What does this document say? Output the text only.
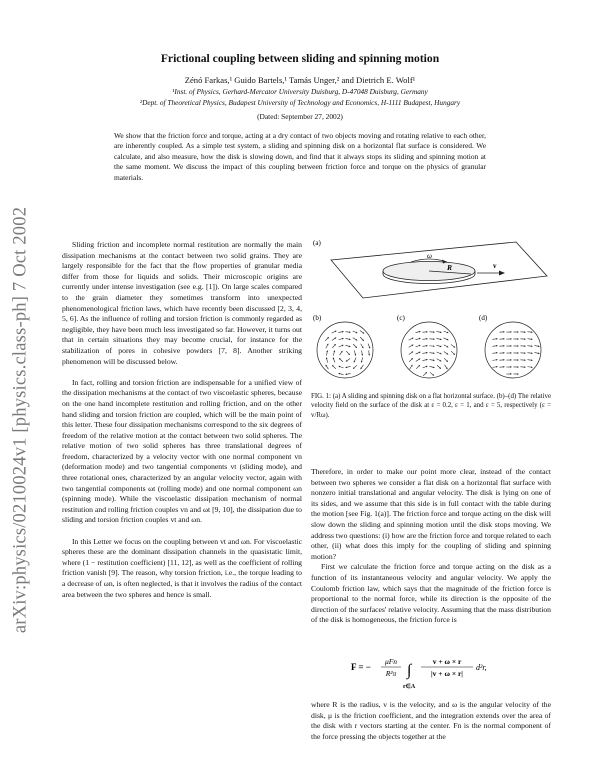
arXiv:physics/0210024v1 [physics.class-ph] 7 Oct 2002
Frictional coupling between sliding and spinning motion
Zénó Farkas,¹ Guido Bartels,¹ Tamás Unger,² and Dietrich E. Wolf¹
¹Inst. of Physics, Gerhard-Mercator University Duisburg, D-47048 Duisburg, Germany
²Dept. of Theoretical Physics, Budapest University of Technology and Economics, H-1111 Budapest, Hungary
(Dated: September 27, 2002)
We show that the friction force and torque, acting at a dry contact of two objects moving and rotating relative to each other, are inherently coupled. As a simple test system, a sliding and spinning disk on a horizontal flat surface is considered. We calculate, and also measure, how the disk is slowing down, and find that it always stops its sliding and spinning motion at the same moment. We discuss the impact of this coupling between friction force and torque on the physics of granular materials.

Sliding friction and incomplete normal restitution are normally the main dissipation mechanisms at the contact between two solid grains. They are largely responsible for the fact that the flow properties of granular media differ from those for liquids and solids. Their microscopic origins are currently under intense investigation (see e.g. [1]). On large scales compared to the grain diameter they sometimes transform into unexpected phenomenological friction laws, which have recently been discussed [2, 3, 4, 5, 6]. As the influence of rolling and torsion friction is commonly regarded as negligible, they have been much less investigated so far. However, it turns out that in certain situations they may become crucial, for instance for the stabilization of pores in cohesive powders [7, 8]. Another striking phenomenon will be discussed below.

In fact, rolling and torsion friction are indispensable for a unified view of the dissipation mechanisms at the contact of two viscoelastic spheres, because on the one hand incomplete restitution and rolling friction, and on the other hand sliding and torsion friction are coupled, which will be the main point of this letter. These four dissipation mechanisms correspond to the six degrees of freedom of the relative motion at the contact between two solid spheres. The relative motion of two solid spheres has three translational degrees of freedom, characterized by a velocity vector with one normal component vn (deformation mode) and two tangential components vt (sliding mode), and three rotational ones, characterized by an angular velocity vector, again with two tangential components ωt (rolling mode) and one normal component ωn (spinning mode). While the viscoelastic dissipation mechanism of normal restitution and rolling friction couples vn and ωt [9, 10], the dissipation due to sliding and torsion friction couples vt and ωn.

In this Letter we focus on the coupling between vt and ωn. For viscoelastic spheres these are the dominant dissipation channels in the quasistatic limit, where (1 − restitution coefficient) [11, 12], as well as the coefficient of rolling friction vanish [9]. The reason, why torsion friction, i.e., the torque leading to a decrease of ωn, is often neglected, is that it involves the radius of the contact area between the two spheres and hence is small.

(a)
ω
R	v
(b)	(c)	(d)
FIG. 1: (a) A sliding and spinning disk on a flat horizontal surface. (b)–(d) The relative velocity field on the surface of the disk at ε = 0.2, ε = 1, and ε = 5, respectively (ε = v/Rω).

Therefore, in order to make our point more clear, instead of the contact between two spheres we consider a flat disk on a horizontal flat surface with nonzero initial translational and angular velocity. The disk is lying on one of its sides, and we assume that this side is in full contact with the table during the motion [see Fig. 1(a)]. The friction force and torque acting on the disk will slow down the sliding and spinning motion until the disk stops moving. We address two questions: (i) how are the friction force and torque related to each other, (ii) what does this imply for the coupling of sliding and spinning motion?

First we calculate the friction force and torque acting on the disk as a function of its instantaneous velocity and angular velocity. We apply the Coulomb friction law, which says that the magnitude of the friction force is proportional to the normal force, while its direction is the opposite of the direction of the surfaces' relative velocity. Assuming that the mass distribution of the disk is homogeneous, the friction force is

F = −
μFn
R²π ∫
r∈A
v + ω × r
|v + ω × r|
d²r,
where R is the radius, v is the velocity, and ω is the angular velocity of the disk, μ is the friction coefficient, and the integration extends over the area of the disk with r vectors starting at the center. Fn is the normal component of the force pressing the objects together at the
